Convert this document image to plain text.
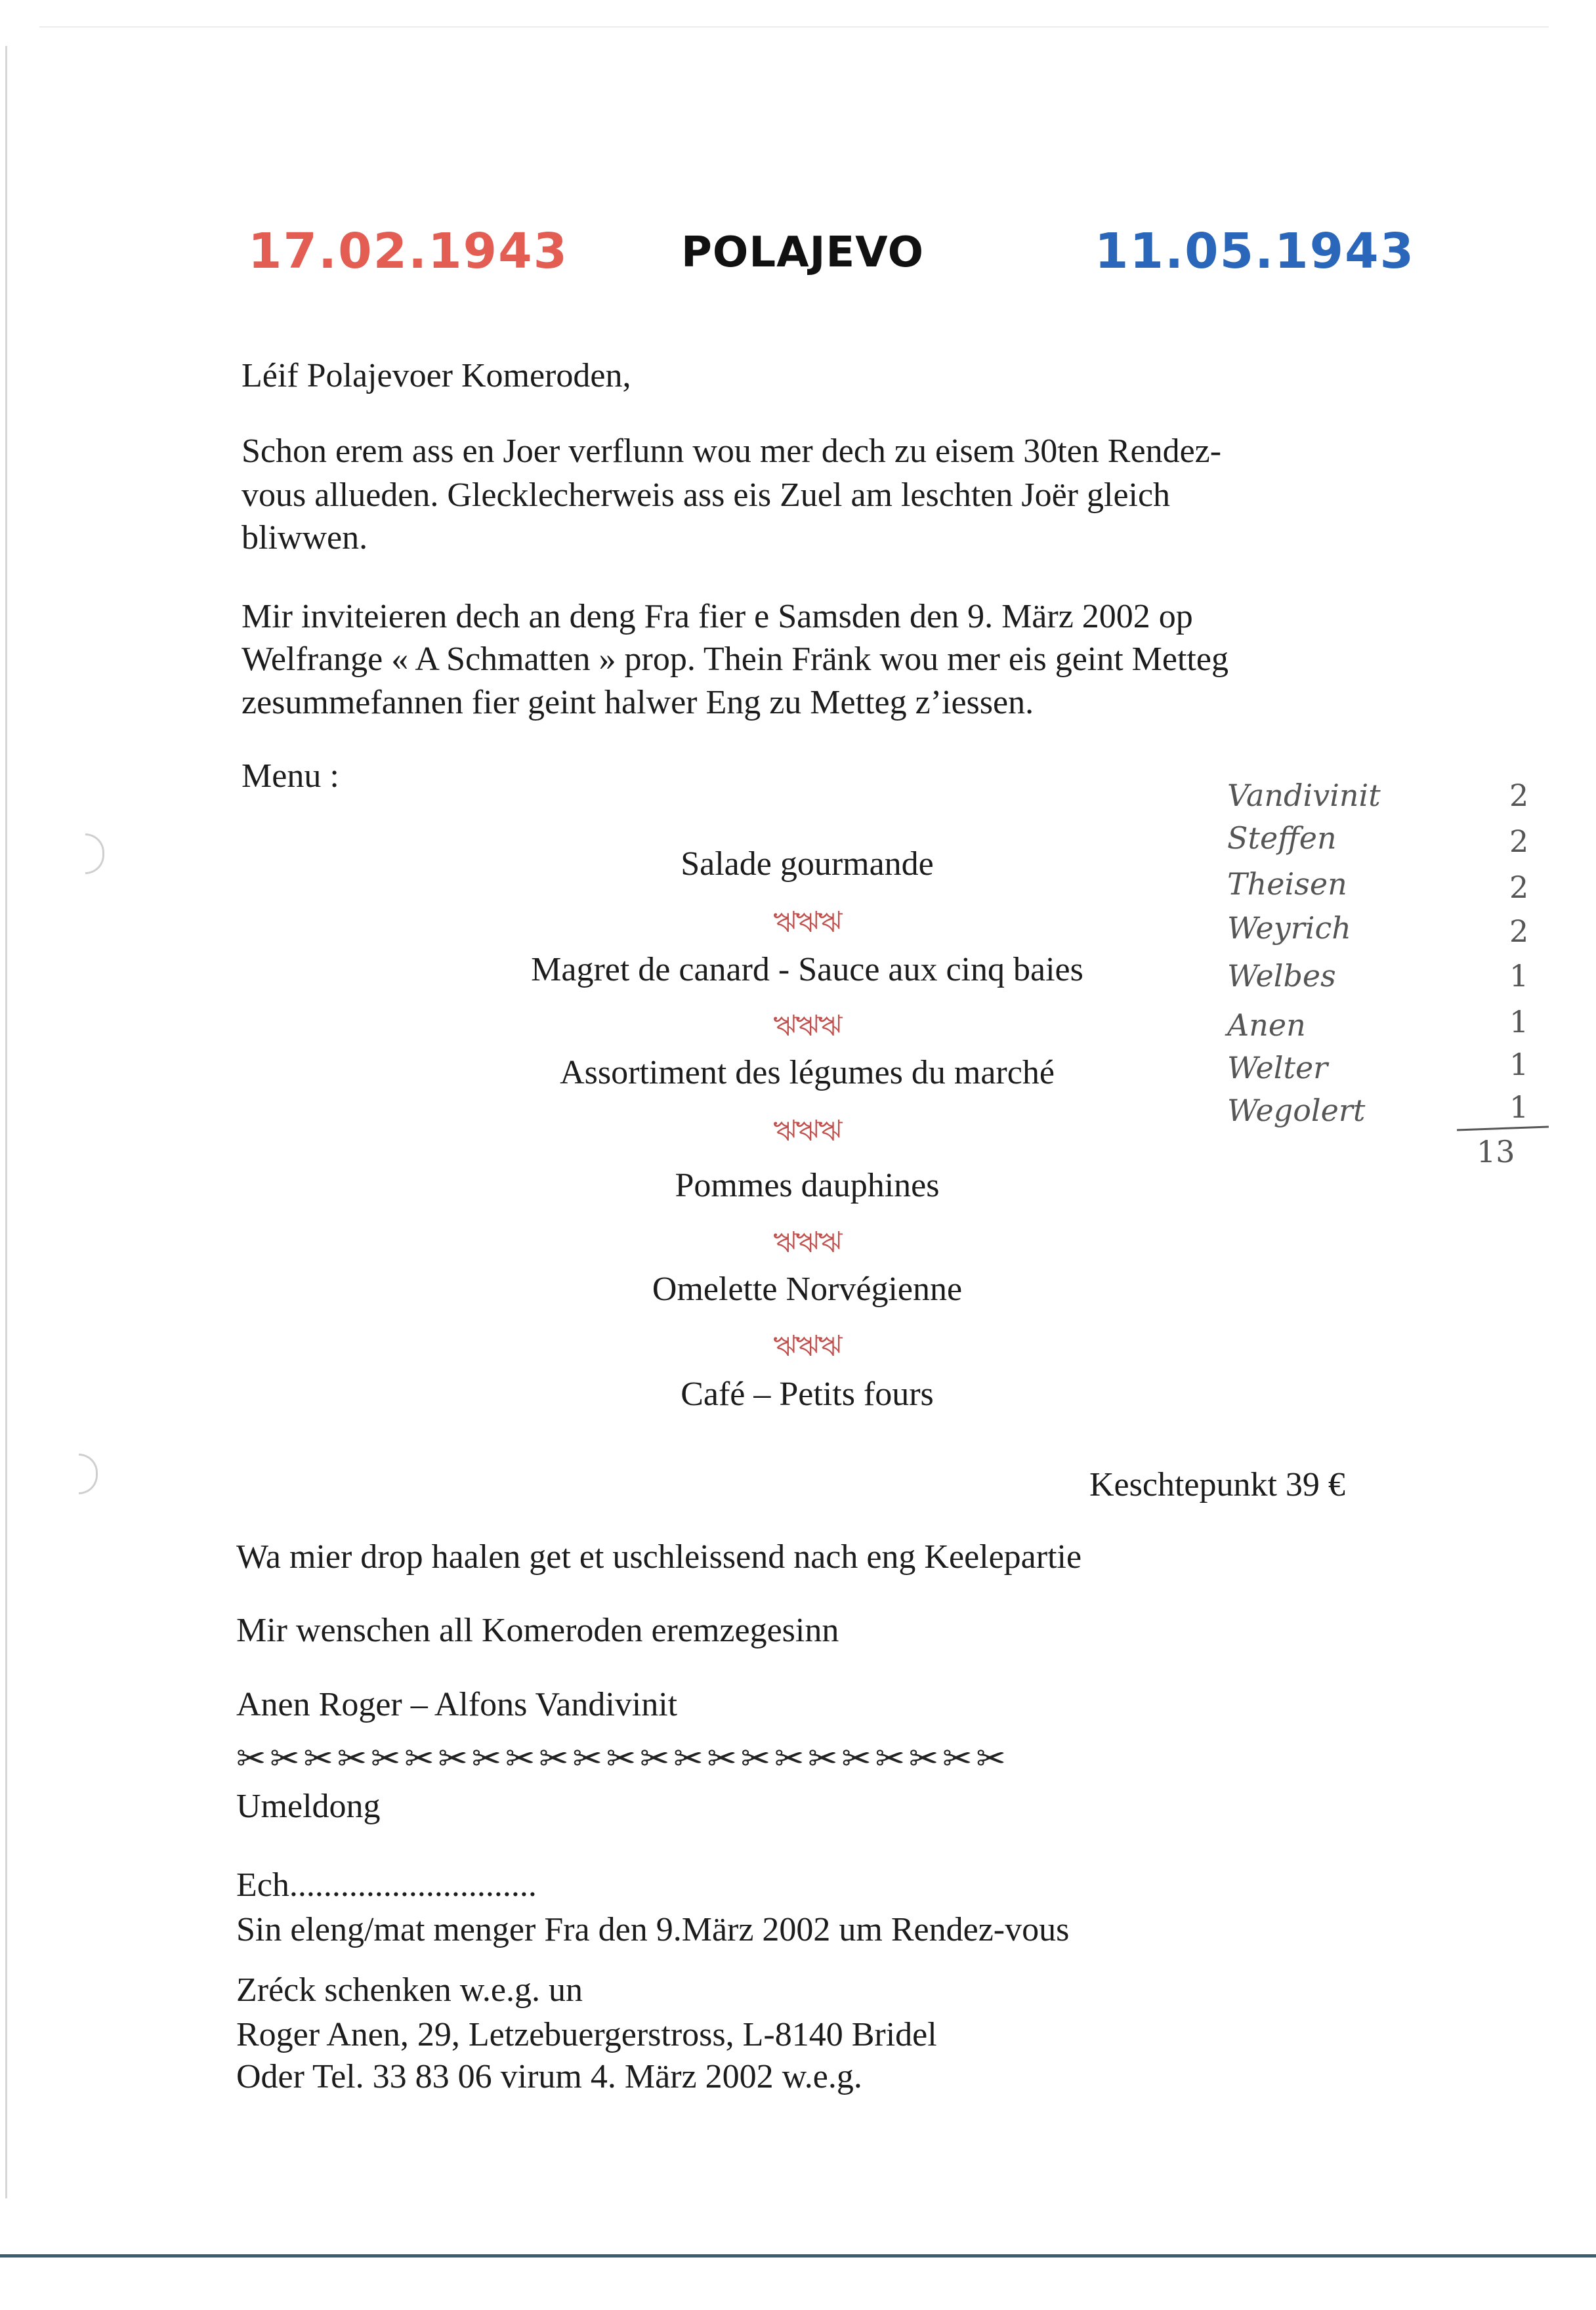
17.02.1943	POLAJEVO	11.05.1943

Léif Polajevoer Komeroden,

Schon erem ass en Joer verflunn wou mer dech zu eisem 30ten Rendez-

vous allueden. Glecklecherweis ass eis Zuel am leschten Joër gleich

bliwwen.

Mir inviteieren dech an deng Fra fier e Samsden den 9. März 2002 op

Welfrange « A Schmatten » prop. Thein Fränk wou mer eis geint Metteg

zesummefannen fier geint halwer Eng zu Metteg z’iessen.

Menu :

Salade gourmande
ঋঋঋ
Magret de canard - Sauce aux cinq baies
ঋঋঋ
Assortiment des légumes du marché
ঋঋঋ
Pommes dauphines
ঋঋঋ
Omelette Norvégienne
ঋঋঋ
Café – Petits fours

Keschtepunkt 39 €

Wa mier drop haalen get et uschleissend nach eng Keelepartie

Mir wenschen all Komeroden eremzegesinn

Anen Roger – Alfons Vandivinit

✂✂✂✂✂✂✂✂✂✂✂✂✂✂✂✂✂✂✂✂✂✂✂

Umeldong

Ech.............................

Sin eleng/mat menger Fra den 9.März 2002 um Rendez-vous

Zréck schenken w.e.g. un

Roger Anen, 29, Letzebuergerstross, L-8140 Bridel

Oder Tel. 33 83 06 virum 4. März 2002 w.e.g.

Vandivinit
Steffen
Theisen
Weyrich
Welbes
Anen
Welter
Wegolert
2
2
2
2
1
1
1
1
13
